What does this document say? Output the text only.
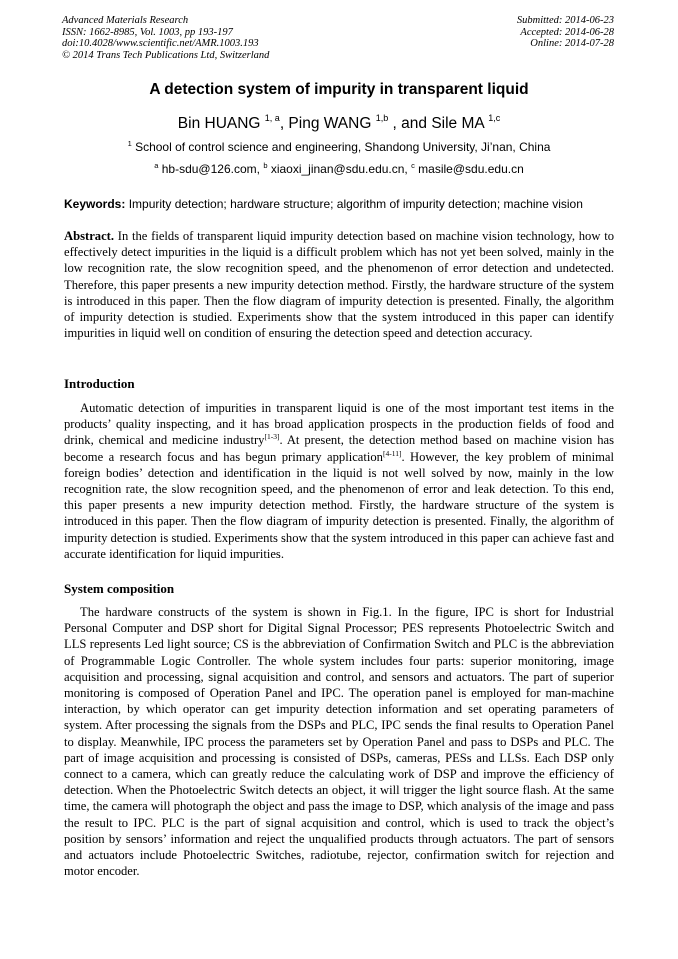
Advanced Materials Research
ISSN: 1662-8985, Vol. 1003, pp 193-197
doi:10.4028/www.scientific.net/AMR.1003.193
© 2014 Trans Tech Publications Ltd, Switzerland
Submitted: 2014-06-23
Accepted: 2014-06-28
Online: 2014-07-28
A detection system of impurity in transparent liquid
Bin HUANG $^{1, a}$, Ping WANG $^{1,b}$ , and Sile MA $^{1,c}$
$^1$ School of control science and engineering, Shandong University, Ji’nan, China
$^a$ hb-sdu@126.com, $^b$ xiaoxi_jinan@sdu.edu.cn, $^c$ masile@sdu.edu.cn
Keywords: Impurity detection; hardware structure; algorithm of impurity detection; machine vision
Abstract. In the fields of transparent liquid impurity detection based on machine vision technology, how to effectively detect impurities in the liquid is a difficult problem which has not yet been solved, mainly in the low recognition rate, the slow recognition speed, and the phenomenon of error detection and undetected. Therefore, this paper presents a new impurity detection method. Firstly, the hardware structure of the system is introduced in this paper. Then the flow diagram of impurity detection is presented. Finally, the algorithm of impurity detection is studied. Experiments show that the system introduced in this paper can identify impurities in liquid well on condition of ensuring the detection speed and detection accuracy.
Introduction
Automatic detection of impurities in transparent liquid is one of the most important test items in the products’ quality inspecting, and it has broad application prospects in the production fields of food and drink, chemical and medicine industry[1-3]. At present, the detection method based on machine vision has become a research focus and has begun primary application[4-11]. However, the key problem of minimal foreign bodies’ detection and identification in the liquid is not well solved by now, mainly in the low recognition rate, the slow recognition speed, and the phenomenon of error and leak detection. To this end, this paper presents a new impurity detection method. Firstly, the hardware structure of the system is introduced in this paper. Then the flow diagram of impurity detection is presented. Finally, the algorithm of impurity detection is studied. Experiments show that the system introduced in this paper can achieve fast and accurate identification for liquid impurities.
System composition
The hardware constructs of the system is shown in Fig.1. In the figure, IPC is short for Industrial Personal Computer and DSP short for Digital Signal Processor; PES represents Photoelectric Switch and LLS represents Led light source; CS is the abbreviation of Confirmation Switch and PLC is the abbreviation of Programmable Logic Controller. The whole system includes four parts: superior monitoring, image acquisition and processing, signal acquisition and control, and sensors and actuators. The part of superior monitoring is composed of Operation Panel and IPC. The operation panel is employed for man-machine interaction, by which operator can get impurity detection information and set operating parameters of system. After processing the signals from the DSPs and PLC, IPC sends the final results to Operation Panel to display. Meanwhile, IPC process the parameters set by Operation Panel and pass to DSPs and PLC. The part of image acquisition and processing is consisted of DSPs, cameras, PESs and LLSs. Each DSP only connect to a camera, which can greatly reduce the calculating work of DSP and improve the efficiency of detection. When the Photoelectric Switch detects an object, it will trigger the light source flash. At the same time, the camera will photograph the object and pass the image to DSP, which analysis of the image and pass the result to IPC. PLC is the part of signal acquisition and control, which is used to track the object’s position by sensors’ information and reject the unqualified products through actuators. The part of sensors and actuators include Photoelectric Switches, radiotube, rejector, confirmation switch for rejection and motor encoder.
